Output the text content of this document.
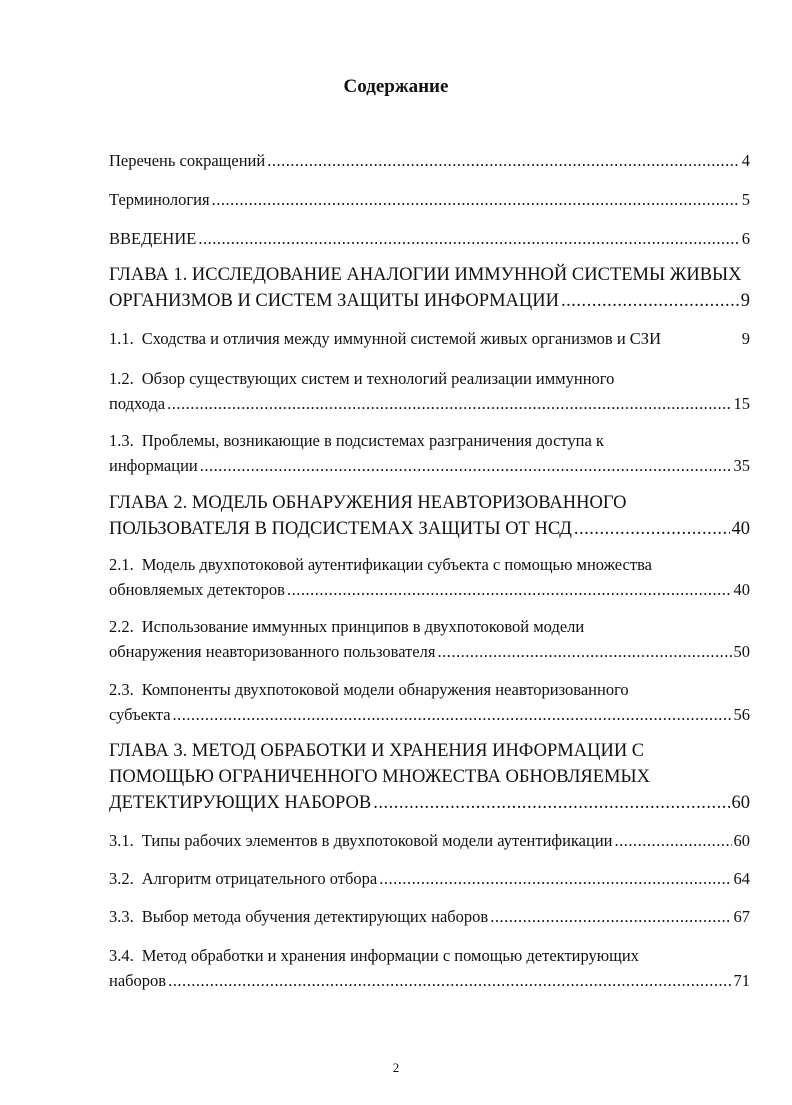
Содержание
Перечень сокращений .....	4
Терминология .....	5
ВВЕДЕНИЕ .....	6
ГЛАВА 1. ИССЛЕДОВАНИЕ АНАЛОГИИ ИММУННОЙ СИСТЕМЫ ЖИВЫХ
ОРГАНИЗМОВ И СИСТЕМ ЗАЩИТЫ ИНФОРМАЦИИ .....	9
1.1. Сходства и отличия между иммунной системой живых организмов и СЗИ	9
1.2. Обзор существующих систем и технологий реализации иммунного
подхода .....	15
1.3. Проблемы, возникающие в подсистемах разграничения доступа к
информации .....	35
ГЛАВА 2. МОДЕЛЬ ОБНАРУЖЕНИЯ НЕАВТОРИЗОВАННОГО
ПОЛЬЗОВАТЕЛЯ В ПОДСИСТЕМАХ ЗАЩИТЫ ОТ НСД .....	40
2.1. Модель двухпотоковой аутентификации субъекта с помощью множества
обновляемых детекторов .....	40
2.2. Использование иммунных принципов в двухпотоковой модели
обнаружения неавторизованного пользователя .....	50
2.3. Компоненты двухпотоковой модели обнаружения неавторизованного
субъекта .....	56
ГЛАВА 3. МЕТОД ОБРАБОТКИ И ХРАНЕНИЯ ИНФОРМАЦИИ С
ПОМОЩЬЮ ОГРАНИЧЕННОГО МНОЖЕСТВА ОБНОВЛЯЕМЫХ
ДЕТЕКТИРУЮЩИХ НАБОРОВ .....	60
3.1. Типы рабочих элементов в двухпотоковой модели аутентификации .....	60
3.2. Алгоритм отрицательного отбора .....	64
3.3. Выбор метода обучения детектирующих наборов .....	67
3.4. Метод обработки и хранения информации с помощью детектирующих
наборов .....	71
2
